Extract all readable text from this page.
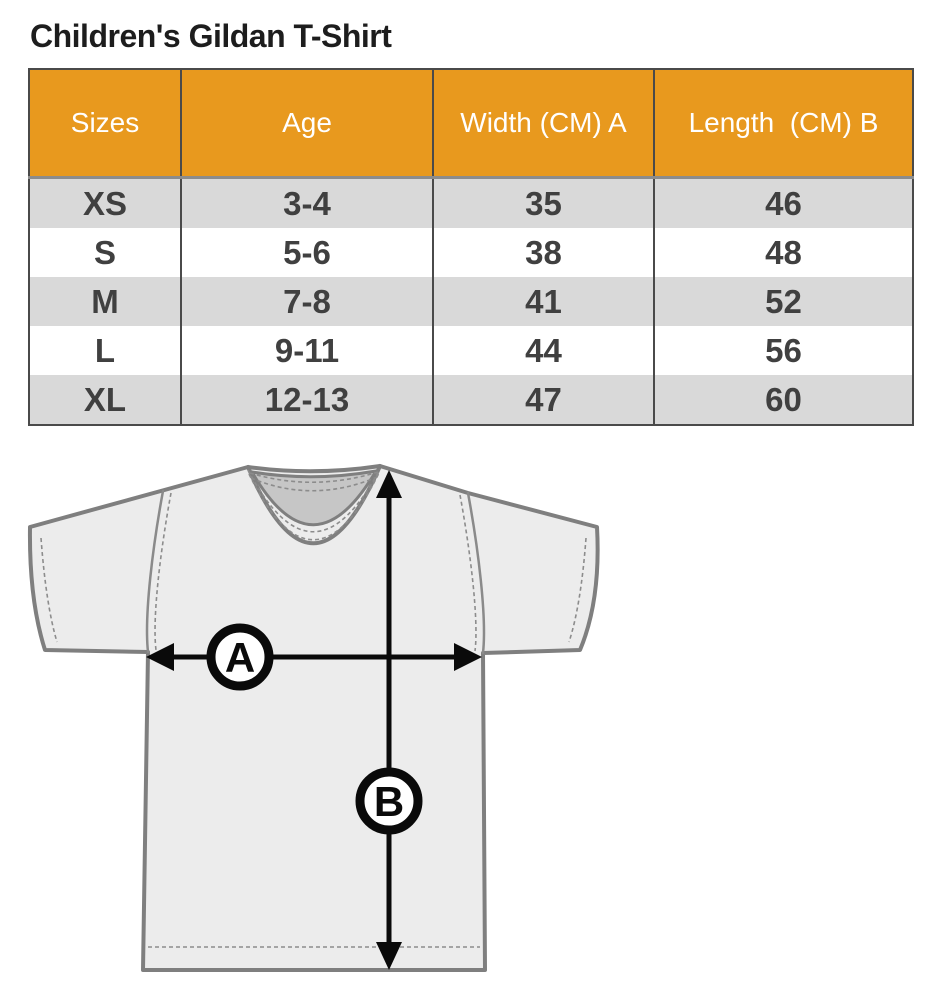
Children's Gildan T-Shirt
Sizes	Age	Width (CM) A	Length  (CM) B
XS	3-4	35	46
S	5-6	38	48
M	7-8	41	52
L	9-11	44	56
XL	12-13	47	60
A
B
